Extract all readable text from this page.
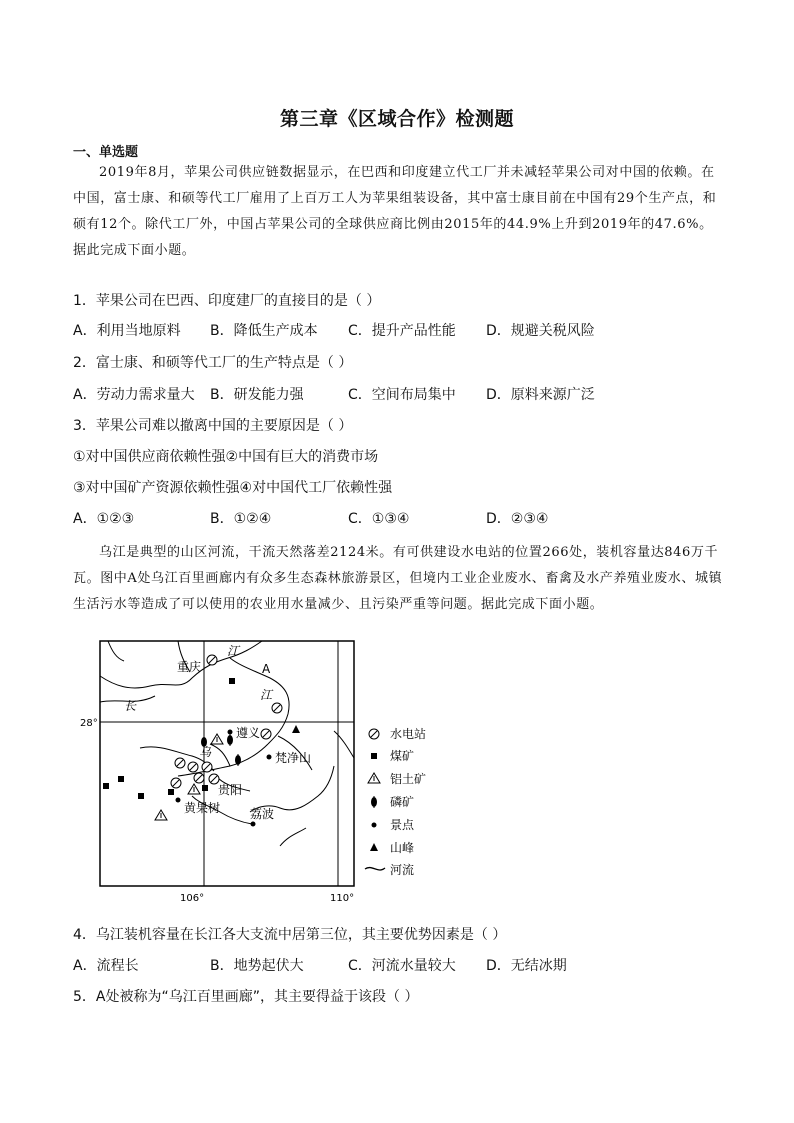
第三章《区域合作》检测题
一、单选题
2019年8月，苹果公司供应链数据显示，在巴西和印度建立代工厂并未减轻苹果公司对中国的依赖。在中国，富士康、和硕等代工厂雇用了上百万工人为苹果组装设备，其中富士康目前在中国有29个生产点，和硕有12个。除代工厂外，中国占苹果公司的全球供应商比例由2015年的44.9%上升到2019年的47.6%。据此完成下面小题。
1．苹果公司在巴西、印度建厂的直接目的是（ ）
A．利用当地原料 B．降低生产成本 C．提升产品性能 D．规避关税风险
2．富士康、和硕等代工厂的生产特点是（ ）
A．劳动力需求量大 B．研发能力强	C．空间布局集中 D．原料来源广泛
3．苹果公司难以撤离中国的主要原因是（ ）
①对中国供应商依赖性强②中国有巨大的消费市场
③对中国矿产资源依赖性强④对中国代工厂依赖性强
A．①②③	B．①②④	C．①③④	D．②③④
乌江是典型的山区河流，干流天然落差2124米。有可供建设水电站的位置266处，装机容量达846万千瓦。图中A处乌江百里画廊内有众多生态森林旅游景区，但境内工业企业废水、畜禽及水产养殖业废水、城镇生活污水等造成了可以使用的农业用水量减少、且污染严重等问题。据此完成下面小题。
重庆
江
A
江
长
遵义
乌	梵净山
贵阳
黄果树 荔波
28°
106°	110°
水电站
煤矿
铝土矿
磷矿
景点
山峰
河流
4．乌江装机容量在长江各大支流中居第三位，其主要优势因素是（ ）
A．流程长	B．地势起伏大	C．河流水量较大 D．无结冰期
5．A处被称为“乌江百里画廊”，其主要得益于该段（ ）
